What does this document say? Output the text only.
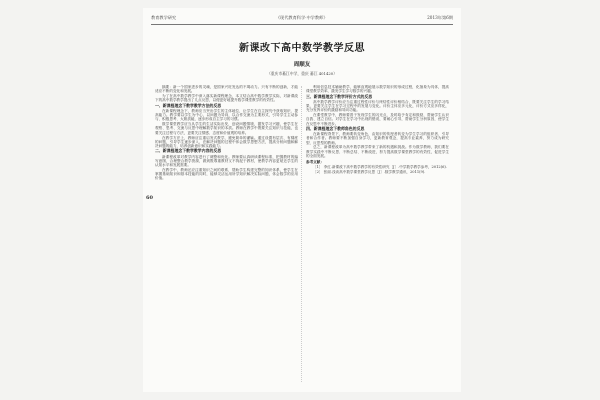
教育教学研究	《现代教育科学·中学教师》	2013年第6期
新课改下高中数学教学反思
周顺友
（重庆市綦江中学，重庆 綦江 401420）

摘要：新一个国家进步的灵魂，是国家兴旺发达的不竭动力。只有不断的创新，才能适应不断的变化和发展。

为了在高中数学教学中深入落实新课程理念，本文结合高中数学教学实际，对新课改下的高中数学教学提出了几点反思，以便更好地提升数学课堂教学的有效性。

一、新课程理念下数学教学方法的反思

在新课程理念下，教师应当突出学生的主体地位，让学生在自主探究中获取知识、提高能力。教学要以学生为中心，以问题为导向，以合作交流为主要形式，引导学生主动参与、积极思考、大胆质疑，逐步形成自主学习的习惯。

数学课堂教学应当从学生的生活实际出发，创设问题情境，激发学习兴趣，使学生在观察、思考、交流与反思中理解数学知识的本质。教师在教学中既要关注知识与技能，也要关注过程与方法，更要关注情感、态度和价值观的培养。

在教学方法上，教师应注重启发式教学，避免简单的灌输。通过设置有层次、有梯度的问题，引导学生逐步深入，在解决问题的过程中体会数学思想方法，提高分析问题和解决问题的能力，培养创新意识和实践能力。

二、新课程理念下数学教学内容的反思

新课程改革对教学内容进行了调整和优化。教师要认真研读课程标准，把握教材的编写意图，合理整合教学资源，做到既尊重教材又不拘泥于教材，使教学内容更贴近学生的认知水平和发展需要。

在教学中，教师还应注重知识之间的联系，帮助学生构建完整的知识体系，使学生在掌握基础知识和基本技能的同时，能够灵活运用所学知识解决实际问题，体会数学的应用价值。

利用信息技术辅助教学，能够直观地展示数学知识的形成过程，化抽象为具体，提高课堂教学效率，激发学生学习数学的兴趣。

三、新课程理念下数学评价方式的反思

高中数学教学评价应当注重过程性评价与终结性评价相结合，既要关注学生的学习结果，更要关注学生在学习过程中的发展与变化。评价主体应多元化，评价方式应多样化，充分发挥评价的激励和导向功能。

在课堂教学中，教师要善于发现学生的闪光点，及时给予肯定和鼓励，帮助学生认识自我、建立自信。对学生在学习中出现的错误，要耐心引导，帮助学生分析原因，使学生在反思中不断进步。

四、新课程理念下教师角色的反思

在新课程背景下，教师要转变角色，由知识的传授者转变为学生学习的组织者、引导者和合作者。教师要不断加强自身学习，更新教育观念，提高专业素养，努力成为研究型、反思型的教师。

总之，新课程改革为高中数学教学带来了新的机遇和挑战。作为数学教师，我们要在教学实践中不断反思、不断总结、不断改进，努力提高数学课堂教学的有效性，促进学生的全面发展。

参考文献：

［1］ 李红.新课改下高中数学教学的有效性研究［J］.中学数学教学参考，2012(6).

［2］ 张丽.浅谈高中数学课堂教学反思［J］.数学教学通讯，2011(9).

60
